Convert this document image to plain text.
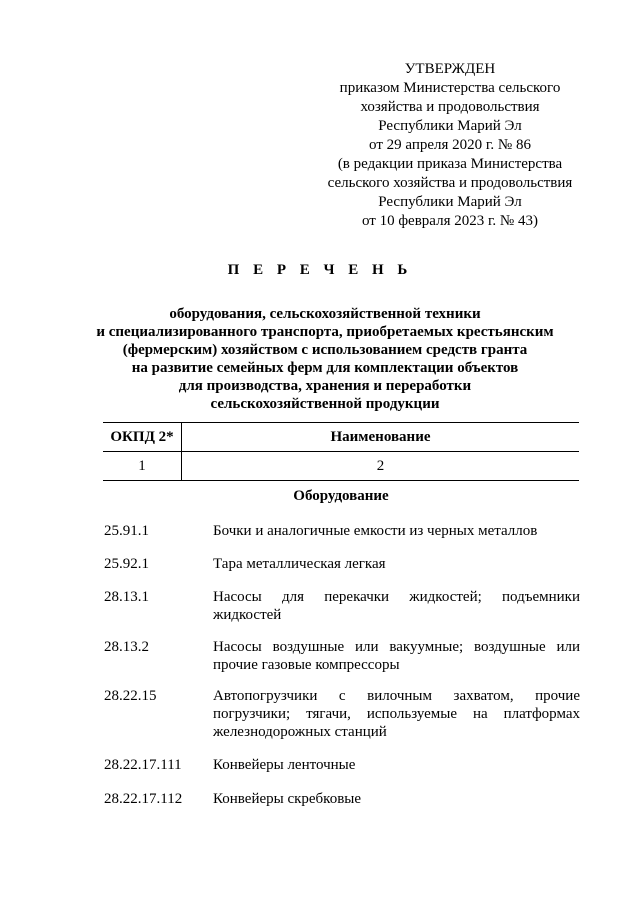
УТВЕРЖДЕН
приказом Министерства сельского
хозяйства и продовольствия
Республики Марий Эл
от 29 апреля 2020 г. № 86
(в редакции приказа Министерства
сельского хозяйства и продовольствия
Республики Марий Эл
от 10 февраля 2023 г. № 43)
П Е Р Е Ч Е Н Ь
оборудования, сельскохозяйственной техники
и специализированного транспорта, приобретаемых крестьянским
(фермерским) хозяйством с использованием средств гранта
на развитие семейных ферм для комплектации объектов
для производства, хранения и переработки
сельскохозяйственной продукции
ОКПД 2*	Наименование
1	2
Оборудование
25.91.1	Бочки и аналогичные емкости из черных металлов
25.92.1	Тара металлическая легкая
28.13.1	Насосы для перекачки жидкостей; подъемники
жидкостей
28.13.2	Насосы воздушные или вакуумные; воздушные или
прочие газовые компрессоры
28.22.15	Автопогрузчики с вилочным захватом, прочие
погрузчики; тягачи, используемые на платформах
железнодорожных станций
28.22.17.111	Конвейеры ленточные
28.22.17.112	Конвейеры скребковые
